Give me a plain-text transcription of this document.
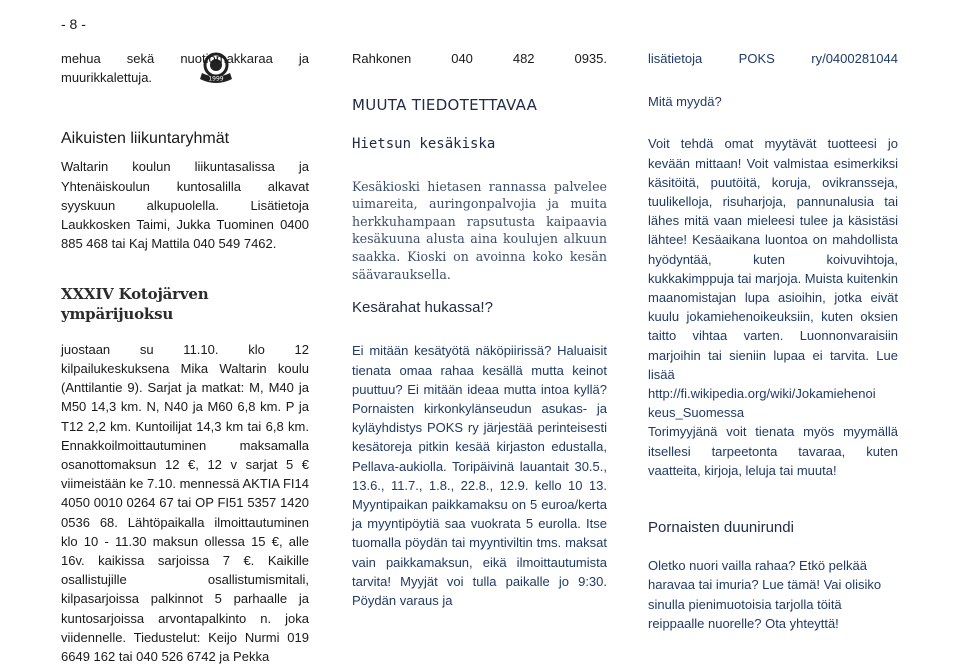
- 8 -
1999

mehua sekä nuotiomakkaraa ja

muurikkalettuja.

Aikuisten liikuntaryhmät

Waltarin koulun liikuntasalissa ja Yhtenäiskoulun kuntosalilla alkavat syyskuun alkupuolella. Lisätietoja Laukkosken Taimi, Jukka Tuominen 0400 885 468 tai Kaj Mattila 040 549 7462.

XXXIV Kotojärven ympärijuoksu

juostaan su 11.10. klo 12 kilpailukeskuksena Mika Waltarin koulu (Anttilantie 9). Sarjat ja matkat: M, M40 ja M50 14,3 km. N, N40 ja M60 6,8 km. P ja T12 2,2 km. Kuntoilijat 14,3 km tai 6,8 km. Ennakkoilmoittautuminen maksamalla osanottomaksun 12 €, 12 v sarjat 5 € viimeistään ke 7.10. mennessä AKTIA FI14 4050 0010 0264 67 tai OP FI51 5357 1420 0536 68. Lähtöpaikalla ilmoittautuminen klo 10 - 11.30 maksun ollessa 15 €, alle 16v. kaikissa sarjoissa 7 €. Kaikille osallistujille osallistumismitali, kilpasarjoissa palkinnot 5 parhaalle ja kuntosarjoissa arvontapalkinto n. joka viidennelle. Tiedustelut: Keijo Nurmi 019 6649 162 tai 040 526 6742 ja Pekka

Rahkonen 040 482 0935.

MUUTA TIEDOTETTAVAA

Hietsun kesäkiska

Kesäkioski hietasen rannassa palvelee uimareita, auringonpalvojia ja muita herkkuhampaan rapsutusta kaipaavia kesäkuuna alusta aina koulujen alkuun saakka. Kioski on avoinna koko kesän säävarauksella.

Kesärahat hukassa!?

Ei mitään kesätyötä näköpiirissä? Haluaisit tienata omaa rahaa kesällä mutta keinot puuttuu? Ei mitään ideaa mutta intoa kyllä? Pornaisten kirkonkylänseudun asukas- ja kyläyhdistys POKS ry järjestää perinteisesti kesätoreja pitkin kesää kirjaston edustalla, Pellava-aukiolla. Toripäivinä lauantait 30.5., 13.6., 11.7., 1.8., 22.8., 12.9. kello 10 13. Myyntipaikan paikkamaksu on 5 euroa/kerta ja myyntipöytiä saa vuokrata 5 eurolla. Itse tuomalla pöydän tai myyntiviltin tms. maksat vain paikkamaksun, eikä ilmoittautumista tarvita! Myyjät voi tulla paikalle jo 9:30. Pöydän varaus ja

lisätietoja POKS ry/0400281044

Mitä myydä?

Voit tehdä omat myytävät tuotteesi jo kevään mittaan! Voit valmistaa esimerkiksi käsitöitä, puutöitä, koruja, ovikransseja, tuulikelloja, risuharjoja, pannunalusia tai lähes mitä vaan mieleesi tulee ja käsistäsi lähtee! Kesäaikana luontoa on mahdollista hyödyntää, kuten koivuvihtoja, kukkakimppuja tai marjoja. Muista kuitenkin maanomistajan lupa asioihin, jotka eivät kuulu jokamiehenoikeuksiin, kuten oksien taitto vihtaa varten. Luonnonvaraisiin marjoihin tai sieniin lupaa ei tarvita. Lue lisää http://fi.wikipedia.org/wiki/Jokamiehenoi keus_Suomessa

Torimyyjänä voit tienata myös myymällä itsellesi tarpeetonta tavaraa, kuten vaatteita, kirjoja, leluja tai muuta!

Pornaisten duunirundi

Oletko nuori vailla rahaa? Etkö pelkää haravaa tai imuria? Lue tämä! Vai olisiko sinulla pienimuotoisia tarjolla töitä reippaalle nuorelle? Ota yhteyttä!
